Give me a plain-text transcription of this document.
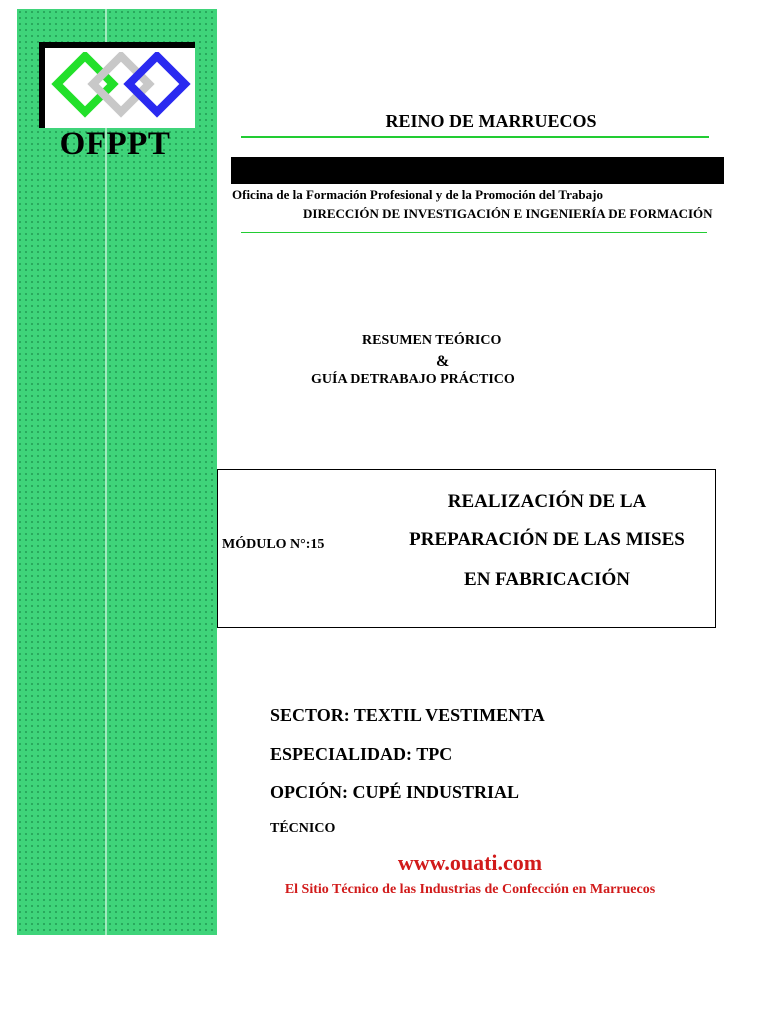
OFPPT
REINO DE MARRUECOS
Oficina de la Formación Profesional y de la Promoción del Trabajo
DIRECCIÓN DE INVESTIGACIÓN E INGENIERÍA DE FORMACIÓN
RESUMEN TEÓRICO
&
GUÍA DETRABAJO PRÁCTICO
MÓDULO N°:15
REALIZACIÓN DE LA
PREPARACIÓN DE LAS MISES
EN FABRICACIÓN
SECTOR: TEXTIL VESTIMENTA
ESPECIALIDAD: TPC
OPCIÓN: CUPÉ INDUSTRIAL
TÉCNICO
www.ouati.com
El Sitio Técnico de las Industrias de Confección en Marruecos
